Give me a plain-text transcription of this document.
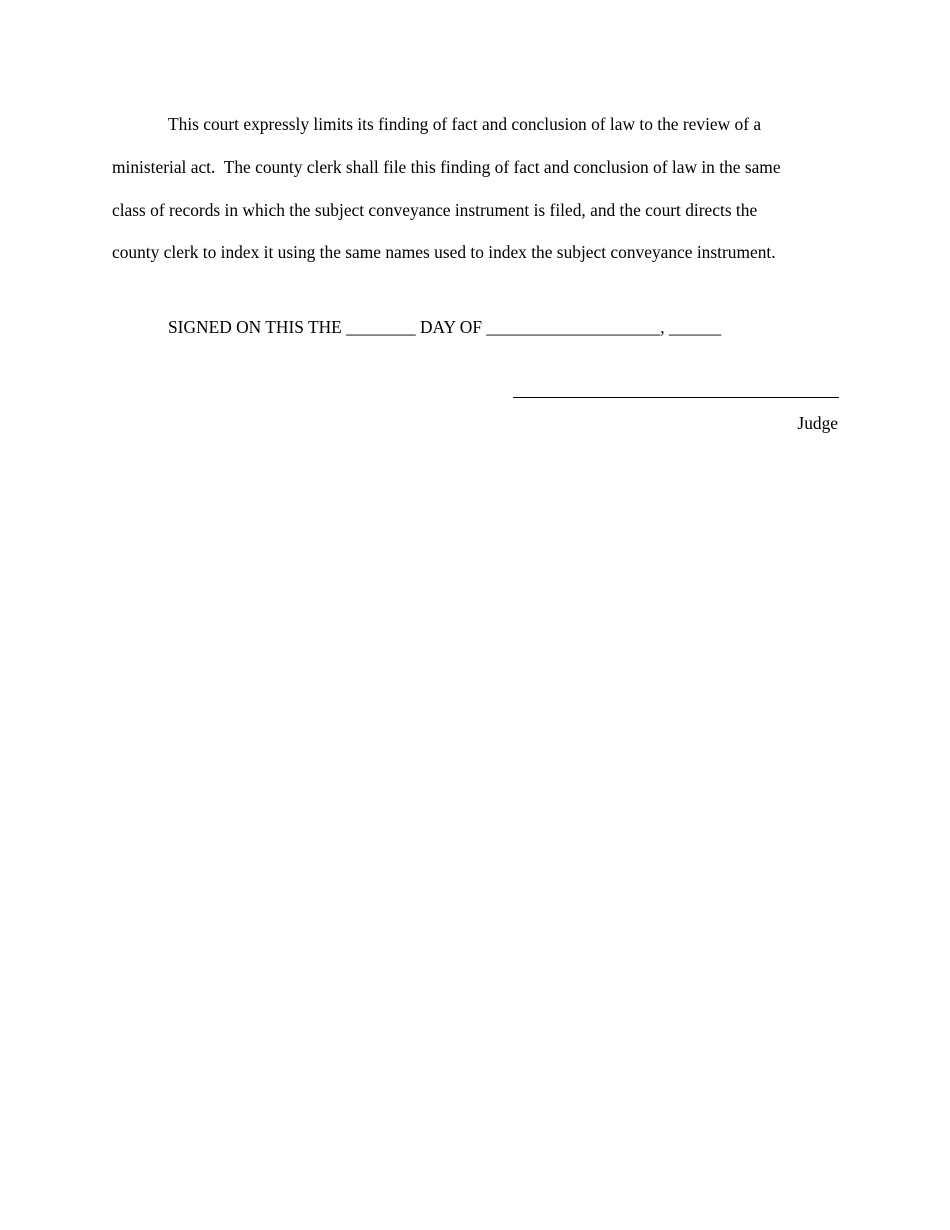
This court expressly limits its finding of fact and conclusion of law to the review of a
ministerial act.  The county clerk shall file this finding of fact and conclusion of law in the same
class of records in which the subject conveyance instrument is filed, and the court directs the
county clerk to index it using the same names used to index the subject conveyance instrument.
SIGNED ON THIS THE ________ DAY OF ____________________, ______
Judge
